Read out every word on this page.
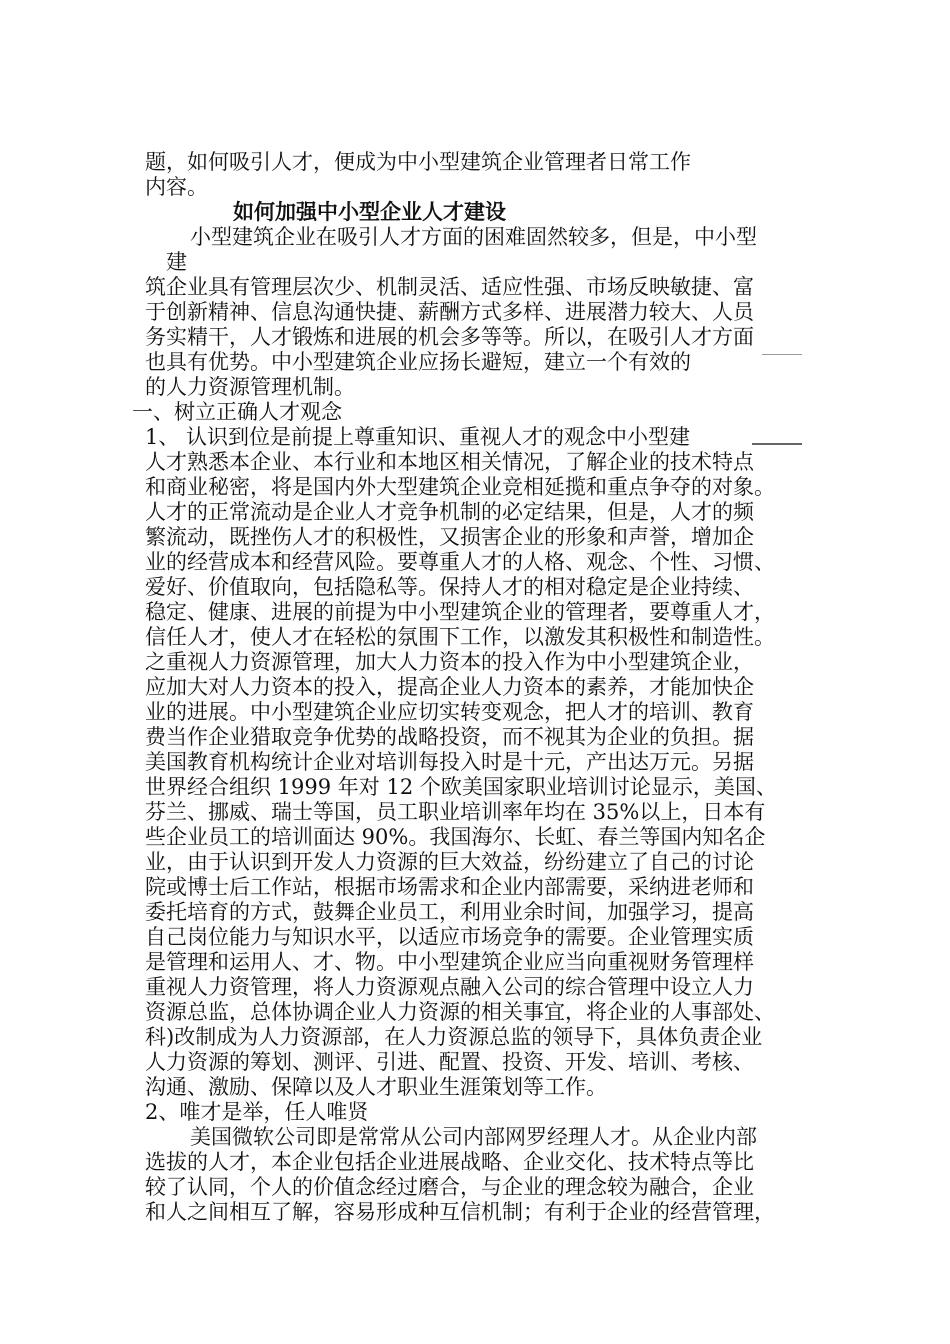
题，如何吸引人才，便成为中小型建筑企业管理者日常工作
内容。
如何加强中小型企业人才建设
小型建筑企业在吸引人才方面的困难固然较多，但是，中小型
建
筑企业具有管理层次少、机制灵活、适应性强、市场反映敏捷、富
于创新精神、信息沟通快捷、薪酬方式多样、进展潜力较大、人员
务实精干，人才锻炼和进展的机会多等等。所以，在吸引人才方面
也具有优势。中小型建筑企业应扬长避短，建立一个有效的
的人力资源管理机制。
一、树立正确人才观念
1、 认识到位是前提上尊重知识、重视人才的观念中小型建
人才熟悉本企业、本行业和本地区相关情况，了解企业的技术特点
和商业秘密，将是国内外大型建筑企业竞相延揽和重点争夺的对象。
人才的正常流动是企业人才竞争机制的必定结果，但是，人才的频
繁流动，既挫伤人才的积极性，又损害企业的形象和声誉，增加企
业的经营成本和经营风险。要尊重人才的人格、观念、个性、习惯、
爱好、价值取向，包括隐私等。保持人才的相对稳定是企业持续、
稳定、健康、进展的前提为中小型建筑企业的管理者，要尊重人才，
信任人才，使人才在轻松的氛围下工作，以激发其积极性和制造性。
之重视人力资源管理，加大人力资本的投入作为中小型建筑企业，
应加大对人力资本的投入，提高企业人力资本的素养，才能加快企
业的进展。中小型建筑企业应切实转变观念，把人才的培训、教育
费当作企业猎取竞争优势的战略投资，而不视其为企业的负担。据
美国教育机构统计企业对培训每投入时是十元，产出达万元。另据
世界经合组织 1999 年对 12 个欧美国家职业培训讨论显示，美国、
芬兰、挪威、瑞士等国，员工职业培训率年均在 35%以上，日本有
些企业员工的培训面达 90%。我国海尔、长虹、春兰等国内知名企
业，由于认识到开发人力资源的巨大效益，纷纷建立了自己的讨论
院或博士后工作站，根据市场需求和企业内部需要，采纳进老师和
委托培育的方式，鼓舞企业员工，利用业余时间，加强学习，提高
自己岗位能力与知识水平，以适应市场竞争的需要。企业管理实质
是管理和运用人、才、物。中小型建筑企业应当向重视财务管理样
重视人力资管理，将人力资源观点融入公司的综合管理中设立人力
资源总监，总体协调企业人力资源的相关事宜，将企业的人事部处、
科)改制成为人力资源部，在人力资源总监的领导下，具体负责企业
人力资源的筹划、测评、引进、配置、投资、开发、培训、考核、
沟通、激励、保障以及人才职业生涯策划等工作。
2、唯才是举，任人唯贤
美国微软公司即是常常从公司内部网罗经理人才。从企业内部
选拔的人才，本企业包括企业进展战略、企业交化、技术特点等比
较了认同，个人的价值念经过磨合，与企业的理念较为融合，企业
和人之间相互了解，容易形成种互信机制；有利于企业的经营管理，
